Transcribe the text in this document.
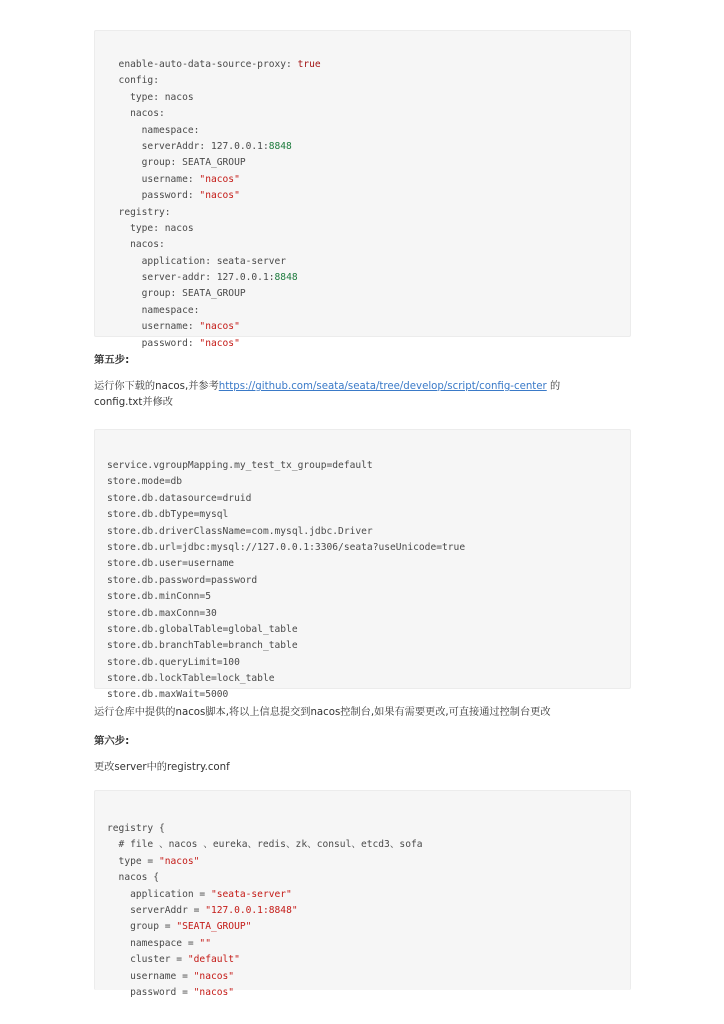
enable-auto-data-source-proxy: true
config:
type: nacos
nacos:
namespace:
serverAddr: 127.0.0.1:8848
group: SEATA_GROUP
username: "nacos"
password: "nacos"
registry:
type: nacos
nacos:
application: seata-server
server-addr: 127.0.0.1:8848
group: SEATA_GROUP
namespace:
username: "nacos"
password: "nacos"

第五步:
运行你下载的nacos,并参考https://github.com/seata/seata/tree/develop/script/config-center 的
config.txt并修改

service.vgroupMapping.my_test_tx_group=default
store.mode=db
store.db.datasource=druid
store.db.dbType=mysql
store.db.driverClassName=com.mysql.jdbc.Driver
store.db.url=jdbc:mysql://127.0.0.1:3306/seata?useUnicode=true
store.db.user=username
store.db.password=password
store.db.minConn=5
store.db.maxConn=30
store.db.globalTable=global_table
store.db.branchTable=branch_table
store.db.queryLimit=100
store.db.lockTable=lock_table
store.db.maxWait=5000

运行仓库中提供的nacos脚本,将以上信息提交到nacos控制台,如果有需要更改,可直接通过控制台更改
第六步:
更改server中的registry.conf

registry {
# file 、nacos 、eureka、redis、zk、consul、etcd3、sofa
type = "nacos"
nacos {
application = "seata-server"
serverAddr = "127.0.0.1:8848"
group = "SEATA_GROUP"
namespace = ""
cluster = "default"
username = "nacos"
password = "nacos"
